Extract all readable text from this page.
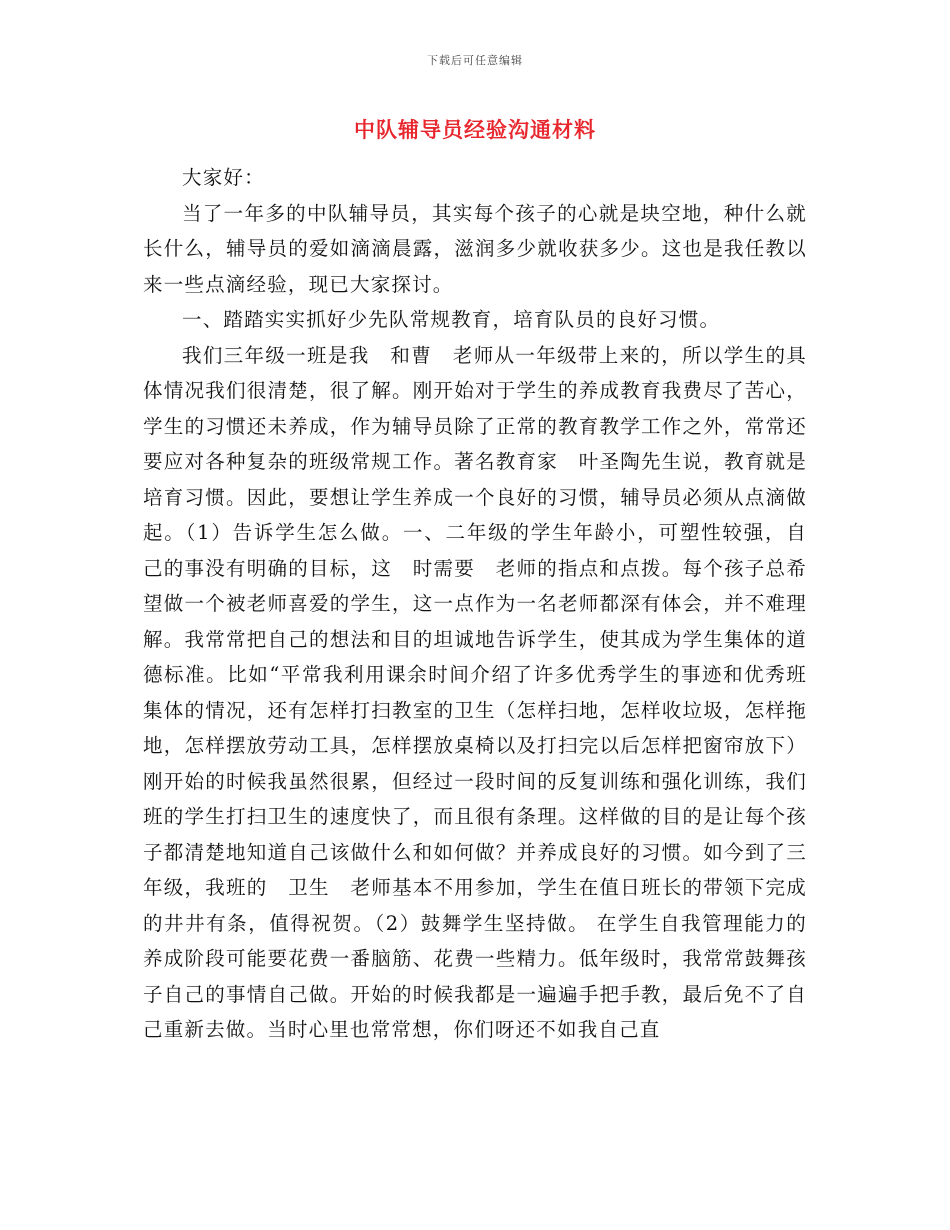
下载后可任意编辑
中队辅导员经验沟通材料

大家好：

当了一年多的中队辅导员，其实每个孩子的心就是块空地，种什么就长什么，辅导员的爱如滴滴晨露，滋润多少就收获多少。这也是我任教以来一些点滴经验，现已大家探讨。

一、踏踏实实抓好少先队常规教育，培育队员的良好习惯。

我们三年级一班是我　和曹　老师从一年级带上来的，所以学生的具体情况我们很清楚，很了解。刚开始对于学生的养成教育我费尽了苦心，学生的习惯还未养成，作为辅导员除了正常的教育教学工作之外，常常还要应对各种复杂的班级常规工作。著名教育家　叶圣陶先生说，教育就是培育习惯。因此，要想让学生养成一个良好的习惯，辅导员必须从点滴做起。（1）告诉学生怎么做。一、二年级的学生年龄小，可塑性较强，自己的事没有明确的目标，这　时需要　老师的指点和点拨。每个孩子总希望做一个被老师喜爱的学生，这一点作为一名老师都深有体会，并不难理解。我常常把自己的想法和目的坦诚地告诉学生，使其成为学生集体的道德标准。比如“平常我利用课余时间介绍了许多优秀学生的事迹和优秀班集体的情况，还有怎样打扫教室的卫生（怎样扫地，怎样收垃圾，怎样拖地，怎样摆放劳动工具，怎样摆放桌椅以及打扫完以后怎样把窗帘放下）刚开始的时候我虽然很累，但经过一段时间的反复训练和强化训练，我们班的学生打扫卫生的速度快了，而且很有条理。这样做的目的是让每个孩子都清楚地知道自己该做什么和如何做？并养成良好的习惯。如今到了三年级，我班的　卫生　老师基本不用参加，学生在值日班长的带领下完成的井井有条，值得祝贺。（2）鼓舞学生坚持做。 在学生自我管理能力的养成阶段可能要花费一番脑筋、花费一些精力。低年级时，我常常鼓舞孩子自己的事情自己做。开始的时候我都是一遍遍手把手教，最后免不了自己重新去做。当时心里也常常想，你们呀还不如我自己直
